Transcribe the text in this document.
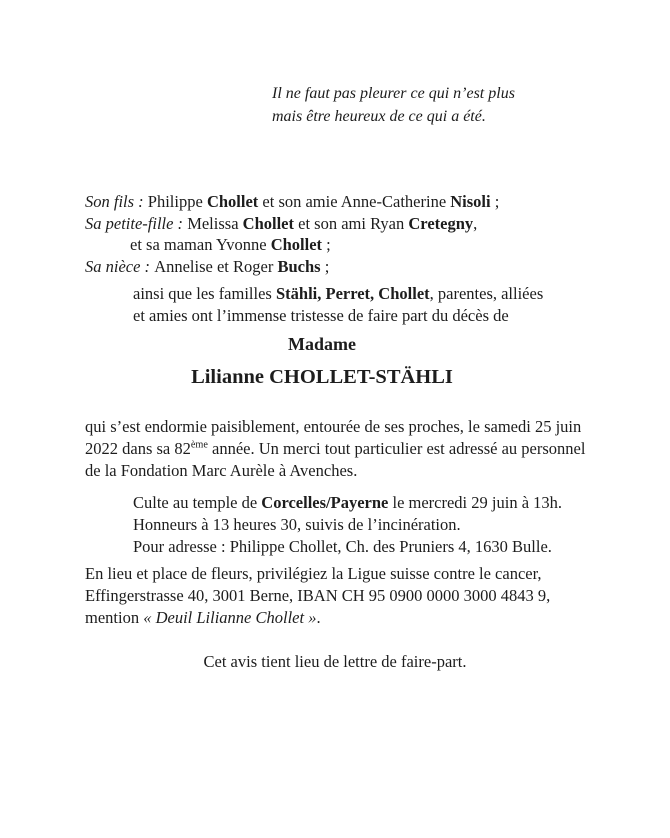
Il ne faut pas pleurer ce qui n’est plus
mais être heureux de ce qui a été.
Son fils : Philippe Chollet et son amie Anne-Catherine Nisoli ;
Sa petite-fille : Melissa Chollet et son ami Ryan Cretegny,
et sa maman Yvonne Chollet ;
Sa nièce : Annelise et Roger Buchs ;
ainsi que les familles Stähli, Perret, Chollet, parentes, alliées
et amies ont l’immense tristesse de faire part du décès de
Madame
Lilianne CHOLLET-STÄHLI
qui s’est endormie paisiblement, entourée de ses proches, le samedi 25 juin
2022 dans sa 82ème année. Un merci tout particulier est adressé au personnel
de la Fondation Marc Aurèle à Avenches.
Culte au temple de Corcelles/Payerne le mercredi 29 juin à 13h.
Honneurs à 13 heures 30, suivis de l’incinération.
Pour adresse : Philippe Chollet, Ch. des Pruniers 4, 1630 Bulle.
En lieu et place de fleurs, privilégiez la Ligue suisse contre le cancer,
Effingerstrasse 40, 3001 Berne, IBAN CH 95 0900 0000 3000 4843 9,
mention « Deuil Lilianne Chollet ».
Cet avis tient lieu de lettre de faire-part.
